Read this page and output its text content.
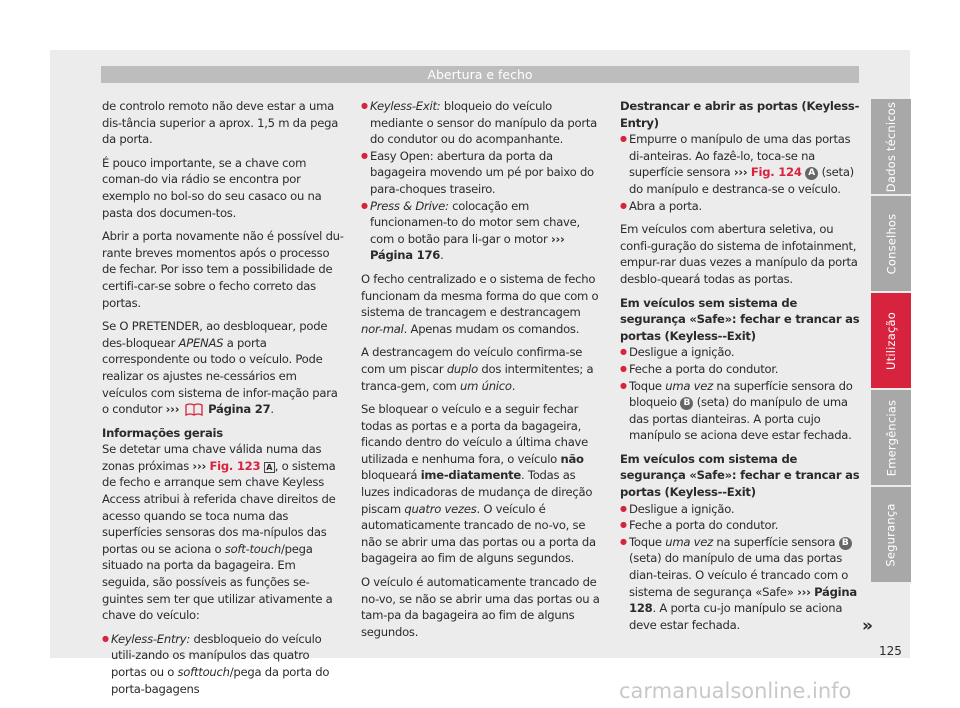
Abertura e fecho

de controlo remoto não deve estar a uma dis-tância superior a aprox. 1,5 m da pega da porta.

É pouco importante, se a chave com coman-do via rádio se encontra por exemplo no bol-so do seu casaco ou na pasta dos documen-tos.

Abrir a porta novamente não é possível du-rante breves momentos após o processo de fechar. Por isso tem a possibilidade de certifi-car-se sobre o fecho correto das portas.

Se O PRETENDER, ao desbloquear, pode des-bloquear APENAS a porta correspondente ou todo o veículo. Pode realizar os ajustes ne-cessários em veículos com sistema de infor-mação para o condutor ››› Página 27.

Informações gerais

Se detetar uma chave válida numa das zonas próximas ››› Fig. 123 A , o sistema de fecho e arranque sem chave Keyless Access atribui à referida chave direitos de acesso quando se toca numa das superfícies sensoras dos ma-nípulos das portas ou se aciona o soft-touch/pega situado na porta da bagageira. Em seguida, são possíveis as funções se-guintes sem ter que utilizar ativamente a chave do veículo:

● Keyless-Entry: desbloqueio do veículo utili-zando os manípulos das quatro portas ou o softtouch/pega da porta do porta-bagagens

● Keyless-Exit: bloqueio do veículo mediante o sensor do manípulo da porta do condutor ou do acompanhante.

● Easy Open: abertura da porta da bagageira movendo um pé por baixo do para-choques traseiro.

● Press & Drive: colocação em funcionamen-to do motor sem chave, com o botão para li-gar o motor ››› Página 176.

O fecho centralizado e o sistema de fecho funcionam da mesma forma do que com o sistema de trancagem e destrancagem nor-mal. Apenas mudam os comandos.

A destrancagem do veículo confirma-se com um piscar duplo dos intermitentes; a tranca-gem, com um único.

Se bloquear o veículo e a seguir fechar todas as portas e a porta da bagageira, ficando dentro do veículo a última chave utilizada e nenhuma fora, o veículo não bloqueará ime-diatamente. Todas as luzes indicadoras de mudança de direção piscam quatro vezes. O veículo é automaticamente trancado de no-vo, se não se abrir uma das portas ou a porta da bagageira ao fim de alguns segundos.

O veículo é automaticamente trancado de no-vo, se não se abrir uma das portas ou a tam-pa da bagageira ao fim de alguns segundos.

Destrancar e abrir as portas (Keyless-Entry)

● Empurre o manípulo de uma das portas di-anteiras. Ao fazê-lo, toca-se na superfície sensora ››› Fig. 124 A (seta) do manípulo e destranca-se o veículo.

● Abra a porta.

Em veículos com abertura seletiva, ou confi-guração do sistema de infotainment, empur-rar duas vezes a manípulo da porta desblo-queará todas as portas.

Em veículos sem sistema de segurança «Safe»: fechar e trancar as portas (Keyless--Exit)

● Desligue a ignição.

● Feche a porta do condutor.

● Toque uma vez na superfície sensora do bloqueio B (seta) do manípulo de uma das portas dianteiras. A porta cujo manípulo se aciona deve estar fechada.

Em veículos com sistema de segurança «Safe»: fechar e trancar as portas (Keyless--Exit)

● Desligue a ignição.

● Feche a porta do condutor.

● Toque uma vez na superfície sensora B (seta) do manípulo de uma das portas dian-teiras. O veículo é trancado com o sistema de segurança «Safe» ››› Página 128. A porta cu-jo manípulo se aciona deve estar fechada.

Dados técnicos
Conselhos
Utilização
Emergências
Segurança
»
125
carmanualsonline.info
